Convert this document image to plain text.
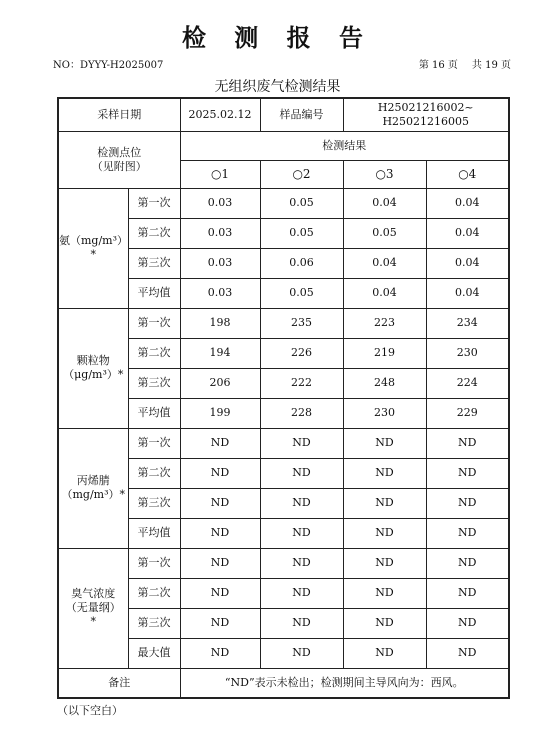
检 测 报 告
NO：DYYY-H2025007	第 16 页 共 19 页
无组织废气检测结果
采样日期		2025.02.12	样品编号	H25021216002~
H25021216005	

检测点位
（见附图）		检测结果			
		○1	○2	○3	○4

氨（mg/m³）
*	第一次	0.03	0.05	0.04	0.04
	第二次	0.03	0.05	0.05	0.04
	第三次	0.03	0.06	0.04	0.04
	平均值	0.03	0.05	0.04	0.04

颗粒物
（μg/m³）*	第一次	198	235	223	234
	第二次	194	226	219	230
	第三次	206	222	248	224
	平均值	199	228	230	229

丙烯腈
（mg/m³）*	第一次	ND	ND	ND	ND
	第二次	ND	ND	ND	ND
	第三次	ND	ND	ND	ND
	平均值	ND	ND	ND	ND

臭气浓度
（无量纲）
*	第一次	ND	ND	ND	ND
	第二次	ND	ND	ND	ND
	第三次	ND	ND	ND	ND
	最大值	ND	ND	ND	ND
备注		“ND”表示未检出；检测期间主导风向为：西风。			
（以下空白）
